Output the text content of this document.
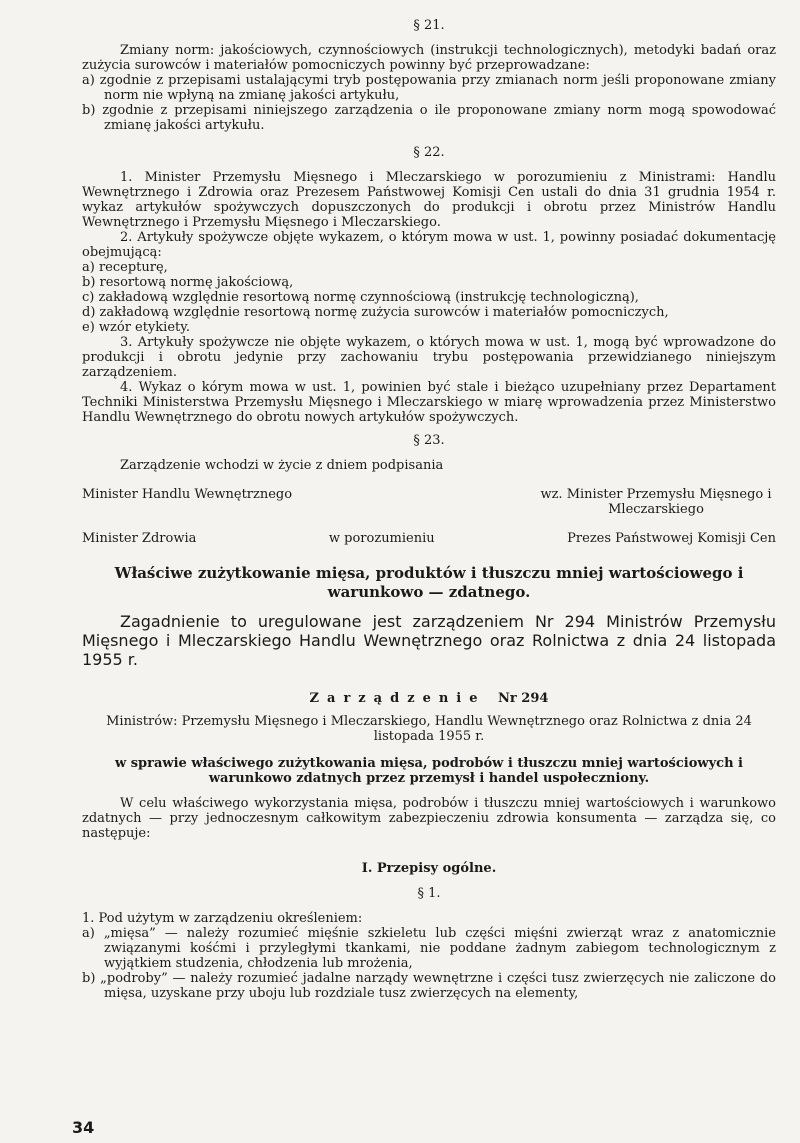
§ 21.

Zmiany norm: jakościowych, czynnościowych (instrukcji technologicznych), metodyki badań oraz zużycia surowców i materiałów pomocniczych powinny być przeprowadzane:

a) zgodnie z przepisami ustalającymi tryb postępowania przy zmianach norm jeśli proponowane zmiany norm nie wpłyną na zmianę jakości artykułu,
b) zgodnie z przepisami niniejszego zarządzenia o ile proponowane zmiany norm mogą spowodować zmianę jakości artykułu.
§ 22.

1. Minister Przemysłu Mięsnego i Mleczarskiego w porozumieniu z Ministrami: Handlu Wewnętrznego i Zdrowia oraz Prezesem Państwowej Komisji Cen ustali do dnia 31 grudnia 1954 r. wykaz artykułów spożywczych dopuszczonych do produkcji i obrotu przez Ministrów Handlu Wewnętrznego i Przemysłu Mięsnego i Mleczarskiego.

2. Artykuły spożywcze objęte wykazem, o którym mowa w ust. 1, powinny posiadać dokumentację obejmującą:

a) recepturę,
b) resortową normę jakościową,
c) zakładową względnie resortową normę czynnościową (instrukcję technologiczną),
d) zakładową względnie resortową normę zużycia surowców i materiałów pomocniczych,
e) wzór etykiety.

3. Artykuły spożywcze nie objęte wykazem, o których mowa w ust. 1, mogą być wprowadzone do produkcji i obrotu jedynie przy zachowaniu trybu postępowania przewidzianego niniejszym zarządzeniem.

4. Wykaz o kórym mowa w ust. 1, powinien być stale i bieżąco uzupełniany przez Departament Techniki Ministerstwa Przemysłu Mięsnego i Mleczarskiego w miarę wprowadzenia przez Ministerstwo Handlu Wewnętrznego do obrotu nowych artykułów spożywczych.

§ 23.

Zarządzenie wchodzi w życie z dniem podpisania

Minister Handlu Wewnętrznego	wz. Minister Przemysłu Mięsnego i Mleczarskiego
Minister Zdrowia	w porozumieniu	Prezes Państwowej Komisji Cen
Właściwe zużytkowanie mięsa, produktów i tłuszczu mniej wartościowego i warunkowo — zdatnego.

Zagadnienie to uregulowane jest zarządzeniem Nr 294 Ministrów Przemysłu Mięsnego i Mleczarskiego Handlu Wewnętrznego oraz Rolnictwa z dnia 24 listopada 1955 r.

Zarządzenie Nr 294
Ministrów: Przemysłu Mięsnego i Mleczarskiego, Handlu Wewnętrznego oraz Rolnictwa z dnia 24 listopada 1955 r.
w sprawie właściwego zużytkowania mięsa, podrobów i tłuszczu mniej wartościowych i warunkowo zdatnych przez przemysł i handel uspołeczniony.

W celu właściwego wykorzystania mięsa, podrobów i tłuszczu mniej wartościowych i warunkowo zdatnych — przy jednoczesnym całkowitym zabezpieczeniu zdrowia konsumenta — zarządza się, co następuje:

I. Przepisy ogólne.
§ 1.

1. Pod użytym w zarządzeniu określeniem:

a) „mięsa” — należy rozumieć mięśnie szkieletu lub części mięśni zwierząt wraz z anatomicznie związanymi kośćmi i przyległymi tkankami, nie poddane żadnym zabiegom technologicznym z wyjątkiem studzenia, chłodzenia lub mrożenia,
b) „podroby” — należy rozumieć jadalne narządy wewnętrzne i części tusz zwierzęcych nie zaliczone do mięsa, uzyskane przy uboju lub rozdziale tusz zwierzęcych na elementy,
34
